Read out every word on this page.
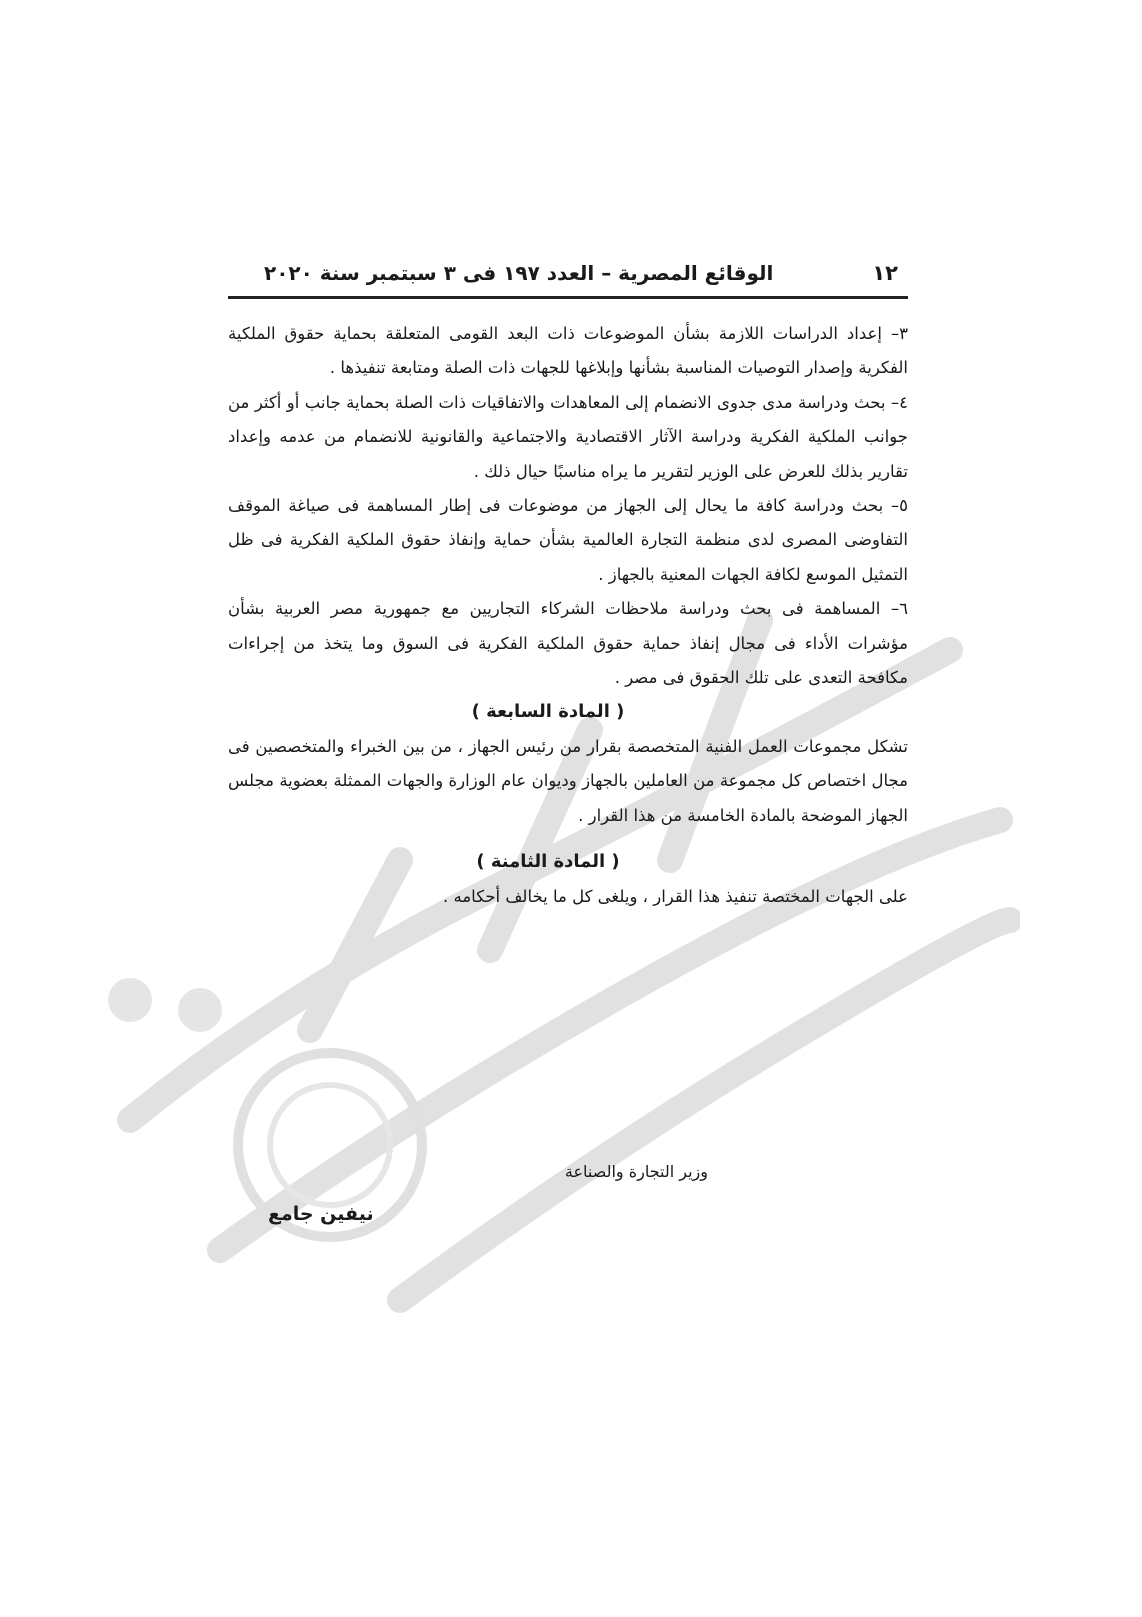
١٢
الوقائع المصرية – العدد ١٩٧ فى ٣ سبتمبر سنة ٢٠٢٠

٣– إعداد الدراسات اللازمة بشأن الموضوعات ذات البعد القومى المتعلقة بحماية حقوق الملكية الفكرية وإصدار التوصيات المناسبة بشأنها وإبلاغها للجهات ذات الصلة ومتابعة تنفيذها .

٤– بحث ودراسة مدى جدوى الانضمام إلى المعاهدات والاتفاقيات ذات الصلة بحماية جانب أو أكثر من جوانب الملكية الفكرية ودراسة الآثار الاقتصادية والاجتماعية والقانونية للانضمام من عدمه وإعداد تقارير بذلك للعرض على الوزير لتقرير ما يراه مناسبًا حيال ذلك .

٥– بحث ودراسة كافة ما يحال إلى الجهاز من موضوعات فى إطار المساهمة فى صياغة الموقف التفاوضى المصرى لدى منظمة التجارة العالمية بشأن حماية وإنفاذ حقوق الملكية الفكرية فى ظل التمثيل الموسع لكافة الجهات المعنية بالجهاز .

٦– المساهمة فى بحث ودراسة ملاحظات الشركاء التجاريين مع جمهورية مصر العربية بشأن مؤشرات الأداء فى مجال إنفاذ حماية حقوق الملكية الفكرية فى السوق وما يتخذ من إجراءات مكافحة التعدى على تلك الحقوق فى مصر .

( المادة السابعة )

تشكل مجموعات العمل الفنية المتخصصة بقرار من رئيس الجهاز ، من بين الخبراء والمتخصصين فى مجال اختصاص كل مجموعة من العاملين بالجهاز وديوان عام الوزارة والجهات الممثلة بعضوية مجلس الجهاز الموضحة بالمادة الخامسة من هذا القرار .

( المادة الثامنة )

على الجهات المختصة تنفيذ هذا القرار ، ويلغى كل ما يخالف أحكامه .

وزير التجارة والصناعة
نيفين جامع
